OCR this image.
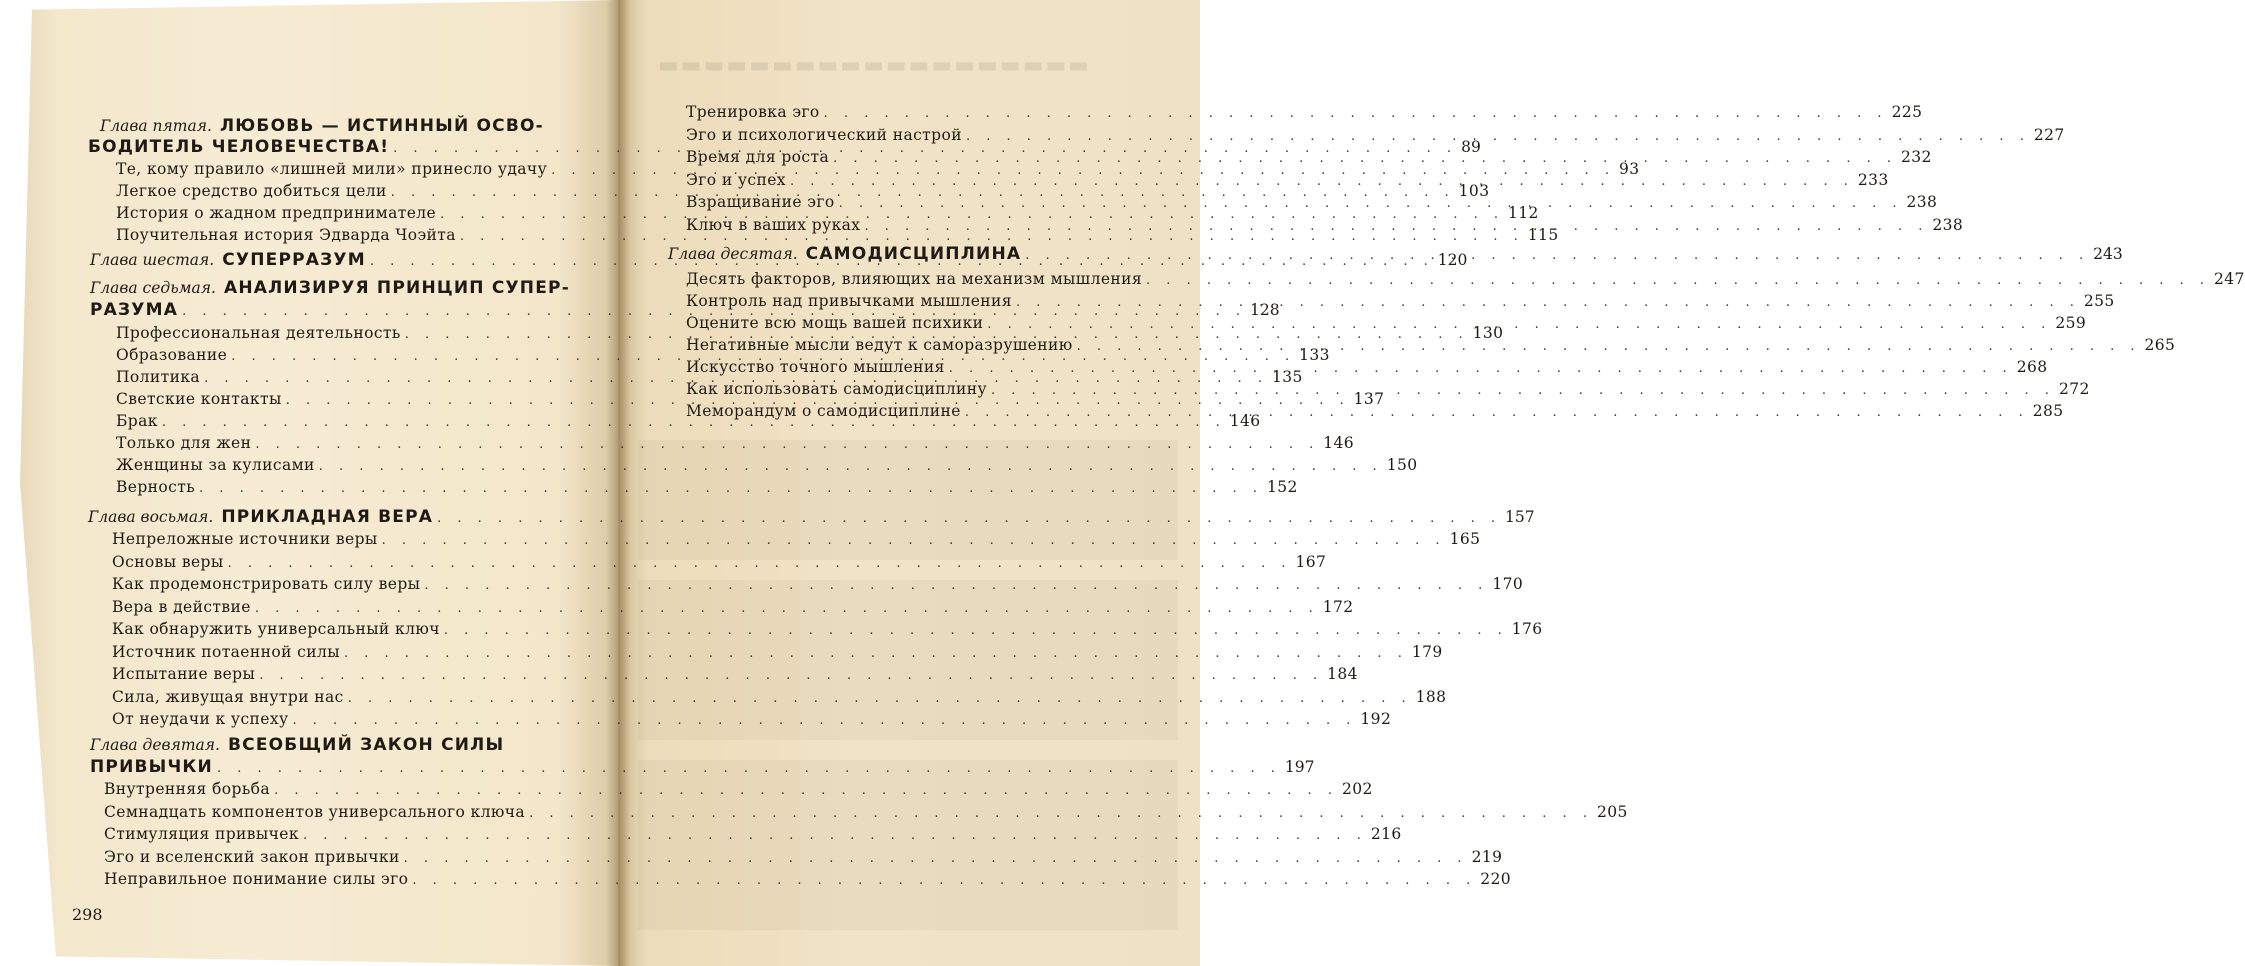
▬▬▬▬▬▬▬▬▬▬▬▬▬▬▬▬▬▬▬
Глава пятая. ЛЮБОВЬ — ИСТИННЫЙ ОСВО-
БОДИТЕЛЬ ЧЕЛОВЕЧЕСТВА! . . .	89
Те, кому правило «лишней мили» принесло удачу . . .	93
Легкое средство добиться цели . . .	103
История о жадном предпринимателе . . .	112
Поучительная история Эдварда Чоэйта . . .	115
Глава шестая. СУПЕРРАЗУМ . . .	120
Глава седьмая. АНАЛИЗИРУЯ ПРИНЦИП СУПЕР-
РАЗУМА . . .	128
Профессиональная деятельность . . .	130
Образование . . .	133
Политика . . .	135
Светские контакты . . .	137
Брак . . .	146
Только для жен . . .	146
Женщины за кулисами . . .	150
Верность . . .	152
Глава восьмая. ПРИКЛАДНАЯ ВЕРА . . .	157
Непреложные источники веры . . .	165
Основы веры . . .	167
Как продемонстрировать силу веры . . .	170
Вера в действие . . .	172
Как обнаружить универсальный ключ . . .	176
Источник потаенной силы . . .	179
Испытание веры . . .	184
Сила, живущая внутри нас . . .	188
От неудачи к успеху . . .	192
Глава девятая. ВСЕОБЩИЙ ЗАКОН СИЛЫ
ПРИВЫЧКИ . . .	197
Внутренняя борьба . . .	202
Семнадцать компонентов универсального ключа . . .	205
Стимуляция привычек . . .	216
Эго и вселенский закон привычки . . .	219
Неправильное понимание силы эго . . .	220
298
Тренировка эго . . .	225
Эго и психологический настрой . . .	227
Время для роста . . .	232
Эго и успех . . .	233
Взращивание эго . . .	238
Ключ в ваших руках . . .	238
Глава десятая. САМОДИСЦИПЛИНА . . .	243
Десять факторов, влияющих на механизм мышления . . .	247
Контроль над привычками мышления . . .	255
Оцените всю мощь вашей психики . . .	259
Негативные мысли ведут к саморазрушению . . .	265
Искусство точного мышления . . .	268
Как использовать самодисциплину . . .	272
Меморандум о самодисциплине . . .	285
